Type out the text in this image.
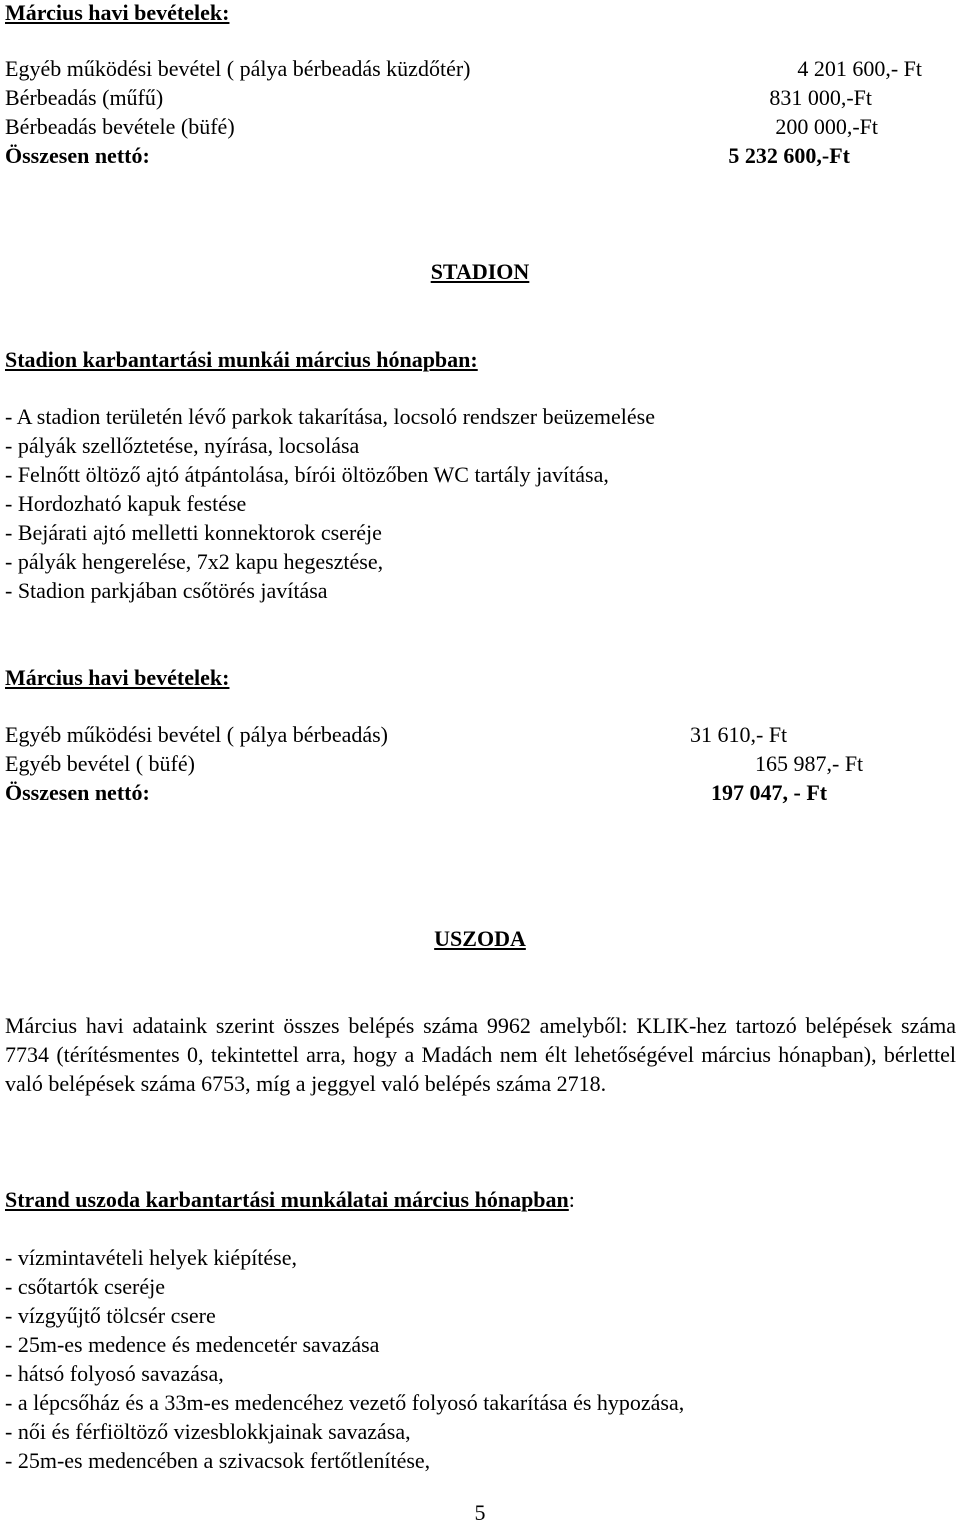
Március havi bevételek:
Egyéb működési bevétel ( pálya bérbeadás küzdőtér)	4 201 600,- Ft
Bérbeadás (műfű)	831 000,-Ft
Bérbeadás bevétele (büfé)	200 000,-Ft
Összesen nettó:	5 232 600,-Ft
STADION
Stadion karbantartási munkái március hónapban:
- A stadion területén lévő parkok takarítása, locsoló rendszer beüzemelése
- pályák szellőztetése, nyírása, locsolása
- Felnőtt öltöző ajtó átpántolása, bírói öltözőben WC tartály javítása,
- Hordozható kapuk festése
- Bejárati ajtó melletti konnektorok cseréje
- pályák hengerelése, 7x2 kapu hegesztése,
- Stadion parkjában csőtörés javítása
Március havi bevételek:
Egyéb működési bevétel ( pálya bérbeadás)	31 610,- Ft
Egyéb bevétel ( büfé)	165 987,- Ft
Összesen nettó:	197 047, - Ft
USZODA
Március havi adataink szerint összes belépés száma 9962 amelyből: KLIK-hez tartozó belépések száma 7734 (térítésmentes 0, tekintettel arra, hogy a Madách nem élt lehetőségével március hónapban), bérlettel való belépések száma 6753, míg a jeggyel való belépés száma 2718.
Strand uszoda karbantartási munkálatai március hónapban:
- vízmintavételi helyek kiépítése,
- csőtartók cseréje
- vízgyűjtő tölcsér csere
- 25m-es medence és medencetér savazása
- hátsó folyosó savazása,
- a lépcsőház és a 33m-es medencéhez vezető folyosó takarítása és hypozása,
- női és férfiöltöző vizesblokkjainak savazása,
- 25m-es medencében a szivacsok fertőtlenítése,
5
